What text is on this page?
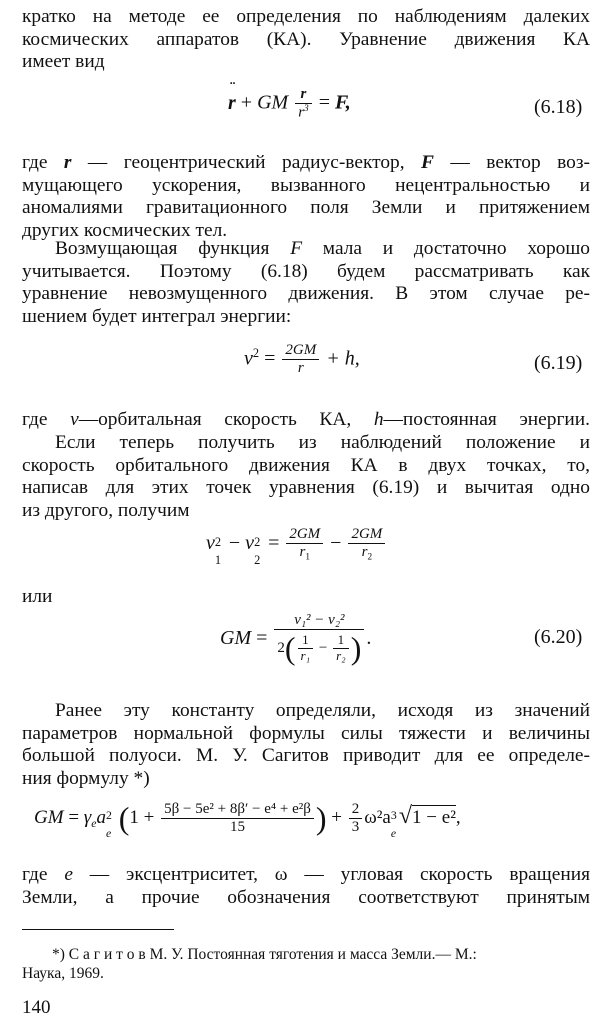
кратко на методе ее определения по наблюдениям далеких
космических аппаратов (КА). Уравнение движения КА
имеет вид
¨
r + GM $\frac{r}{r^3} = F$,	(6.18)
где r — геоцентрический радиус-вектор, F — вектор воз-
мущающего ускорения, вызванного нецентральностью и
аномалиями гравитационного поля Земли и притяжением
других космических тел.
Возмущающая функция F мала и достаточно хорошо
учитывается. Поэтому (6.18) будем рассматривать как
уравнение невозмущенного движения. В этом случае ре-
шением будет интеграл энергии:
$v^2 = \frac{2GM}{r} + h$,	(6.19)
где v—орбитальная скорость КА, h—постоянная энергии.
Если теперь получить из наблюдений положение и
скорость орбитального движения КА в двух точках, то,
написав для этих точек уравнения (6.19) и вычитая одно
из другого, получим
v 2
1
− v 2
2
= $\frac{2GM}{r_1} - \frac{2GM}{r_2}$
или
GM = $\frac{\text{v₁² − v₂²}}{2( \frac{1}{\text{r₁}} - \frac{1}{\text{r₂}} )}$ .	(6.20)
Ранее эту константу определяли, исходя из значений
параметров нормальной формулы силы тяжести и величины
большой полуоси. М. У. Сагитов приводит для ее определе-
ния формулу *)
GM = $\gamma_ea$ 2
e ($1 + \frac{\text{5β − 5e² + 8β′ − e⁴ + e²β}}{15}$ ) + $\frac{2}{3} \omega^2a$ 3
e
√1 − e²,
где e — эксцентриситет, ω — угловая скорость вращения
Земли, а прочие обозначения соответствуют принятым
*) С а г и т о в М. У. Постоянная тяготения и масса Земли.— М.:
Наука, 1969.
140
